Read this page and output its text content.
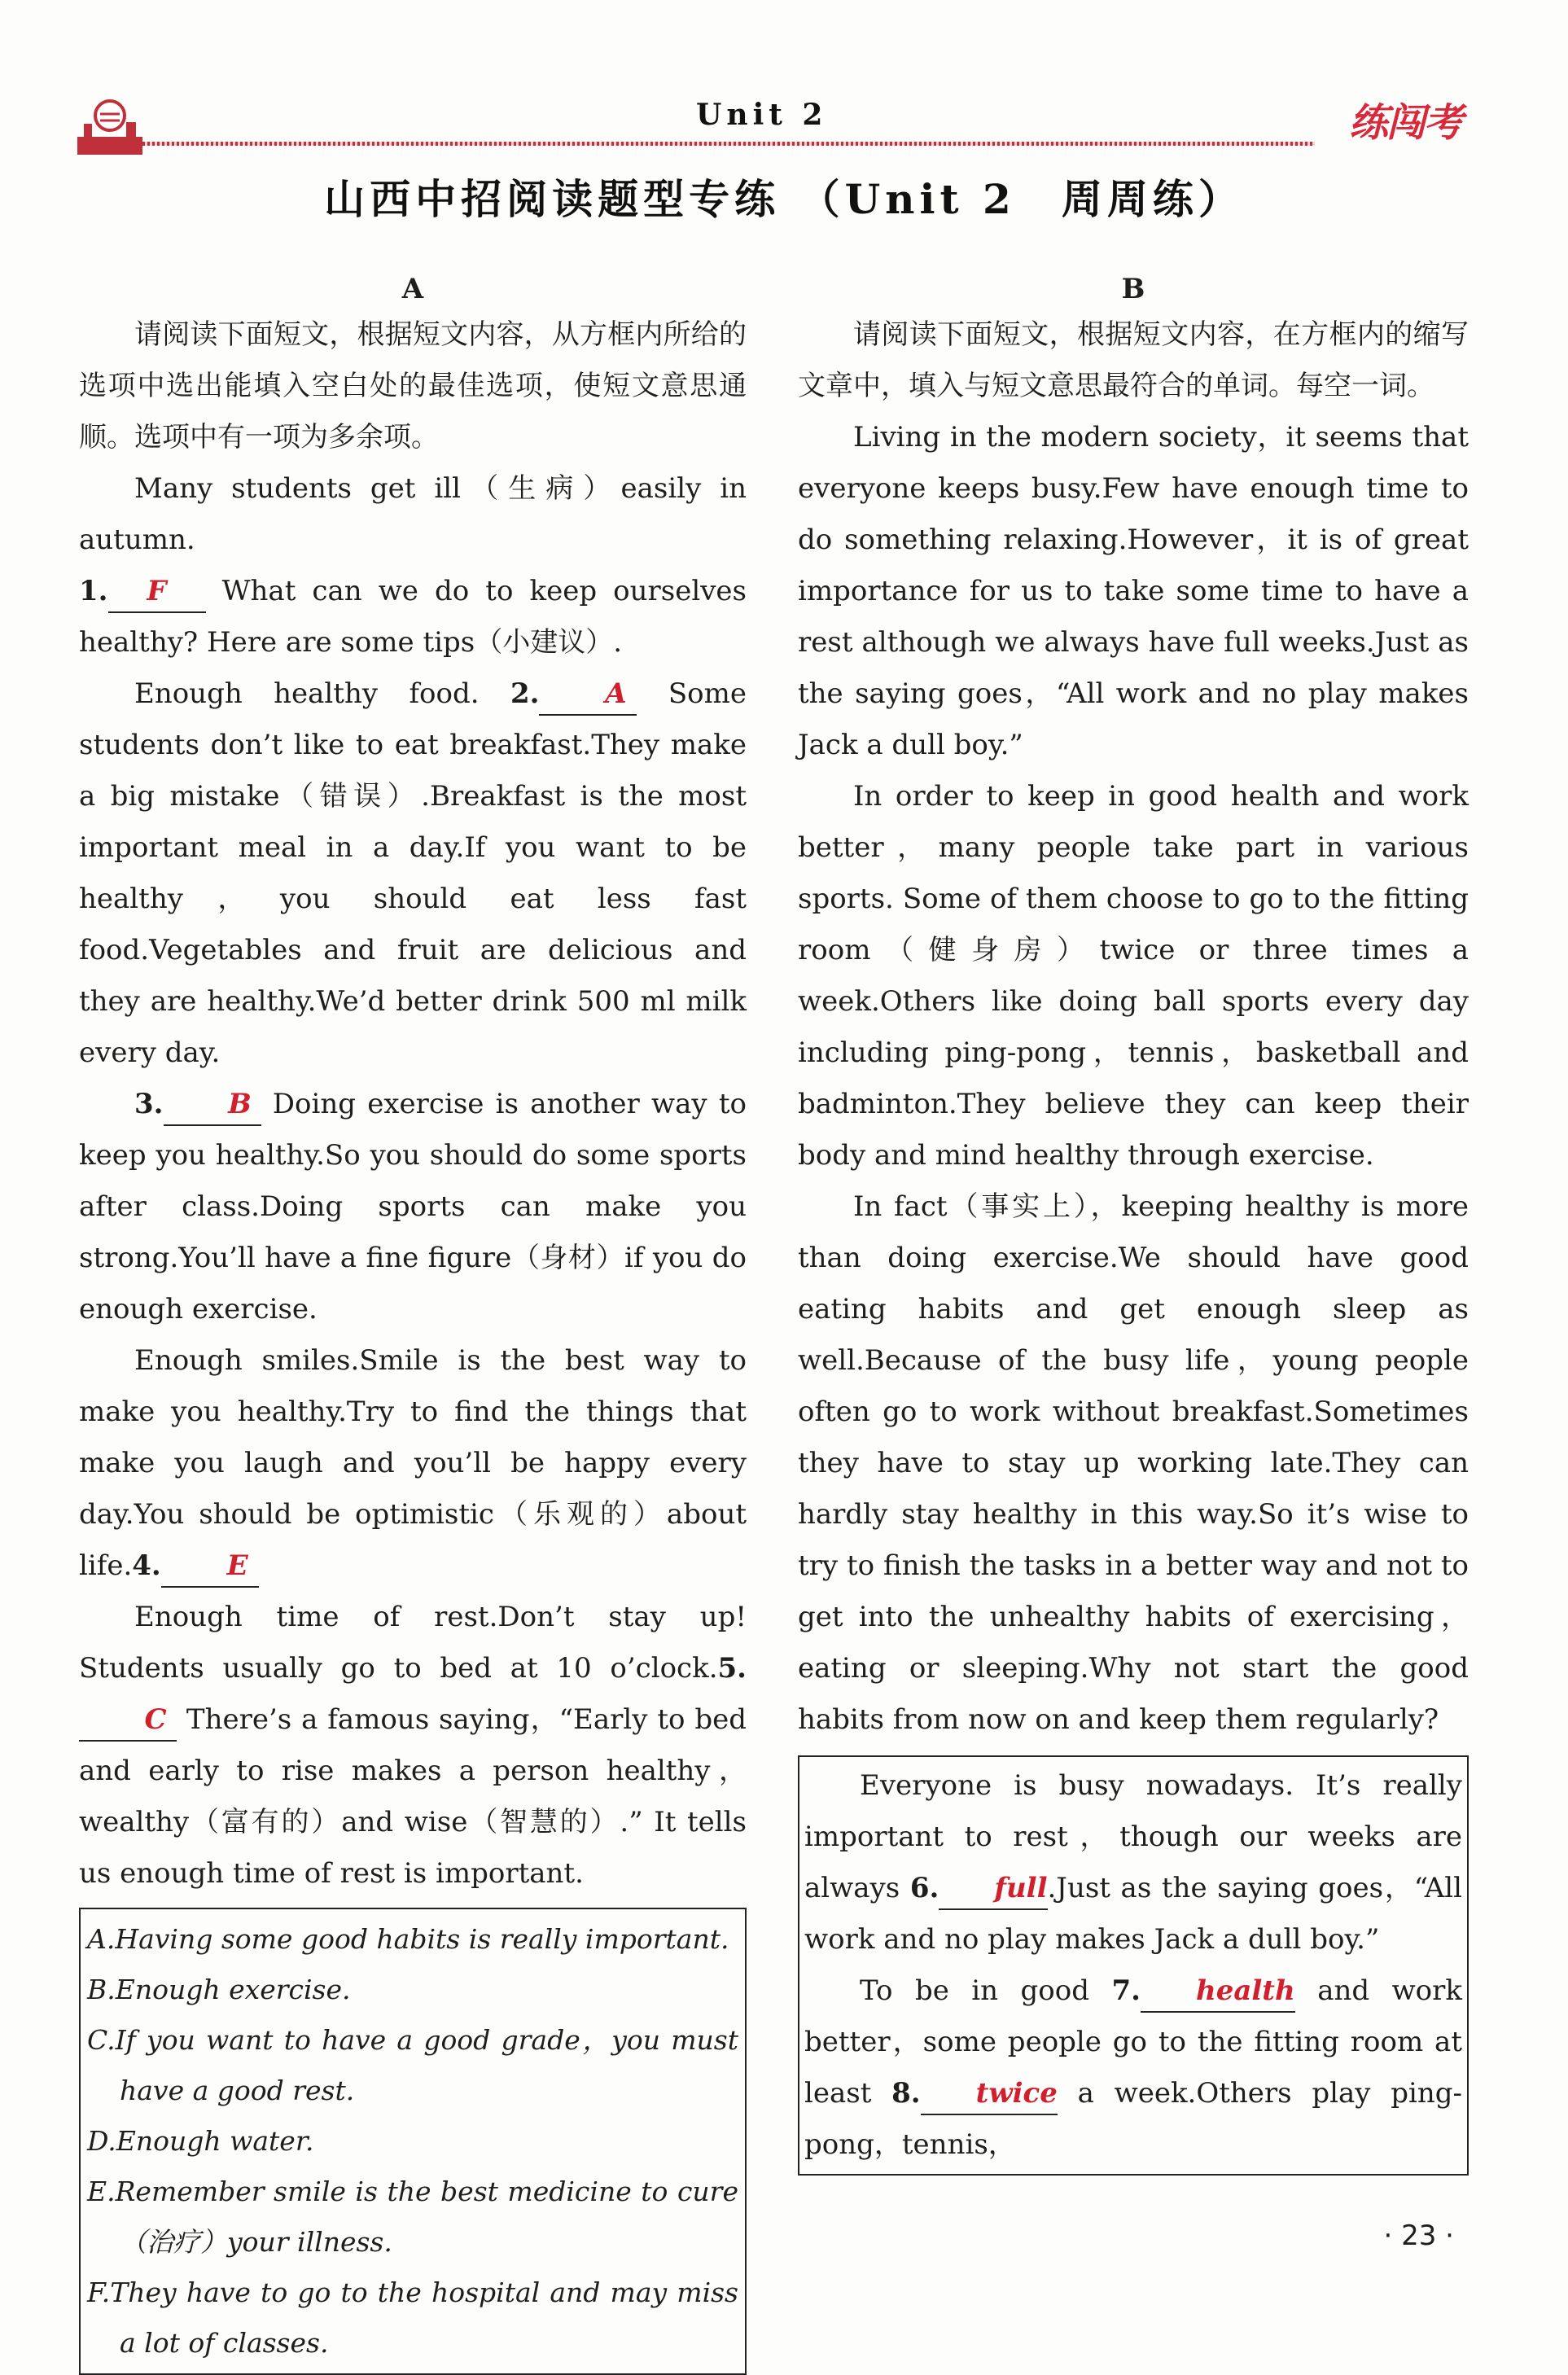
Unit 2	练闯考
山西中招阅读题型专练 （Unit 2　周周练）
A

请阅读下面短文，根据短文内容，从方框内所给的选项中选出能填入空白处的最佳选项，使短文意思通顺。选项中有一项为多余项。

Many students get ill（生病）easily in autumn.

1. F What can we do to keep ourselves healthy? Here are some tips（小建议）.

Enough healthy food. 2. A Some students don’t like to eat breakfast.They make a big mistake（错误）.Breakfast is the most important meal in a day.If you want to be healthy，you should eat less fast food.Vegetables and fruit are delicious and they are healthy.We’d better drink 500 ml milk every day.

3. B Doing exercise is another way to keep you healthy.So you should do some sports after class.Doing sports can make you strong.You’ll have a fine figure（身材）if you do enough exercise.

Enough smiles.Smile is the best way to make you healthy.Try to find the things that make you laugh and you’ll be happy every day.You should be optimistic（乐观的）about life.4. E

Enough time of rest.Don’t stay up! Students usually go to bed at 10 o’clock.5.C There’s a famous saying，“Early to bed and early to rise makes a person healthy，wealthy（富有的）and wise（智慧的）.” It tells us enough time of rest is important.

A.Having some good habits is really important.
B.Enough exercise.
C.If you want to have a good grade，you must have a good rest.
D.Enough water.
E.Remember smile is the best medicine to cure（治疗）your illness.
F.They have to go to the hospital and may miss a lot of classes.
B

请阅读下面短文，根据短文内容，在方框内的缩写文章中，填入与短文意思最符合的单词。每空一词。

Living in the modern society，it seems that everyone keeps busy.Few have enough time to do something relaxing.However，it is of great importance for us to take some time to have a rest although we always have full weeks.Just as the saying goes，“All work and no play makes Jack a dull boy.”

In order to keep in good health and work better，many people take part in various sports. Some of them choose to go to the fitting room（健身房）twice or three times a week.Others like doing ball sports every day including ping-pong，tennis，basketball and badminton.They believe they can keep their body and mind healthy through exercise.

In fact（事实上），keeping healthy is more than doing exercise.We should have good eating habits and get enough sleep as well.Because of the busy life，young people often go to work without breakfast.Sometimes they have to stay up working late.They can hardly stay healthy in this way.So it’s wise to try to finish the tasks in a better way and not to get into the unhealthy habits of exercising，eating or sleeping.Why not start the good habits from now on and keep them regularly?

Everyone is busy nowadays. It’s really important to rest，though our weeks are always 6. full.Just as the saying goes，“All work and no play makes Jack a dull boy.”

To be in good 7. health and work better，some people go to the fitting room at least 8. twice a week.Others play ping-pong，tennis，

· 23 ·
